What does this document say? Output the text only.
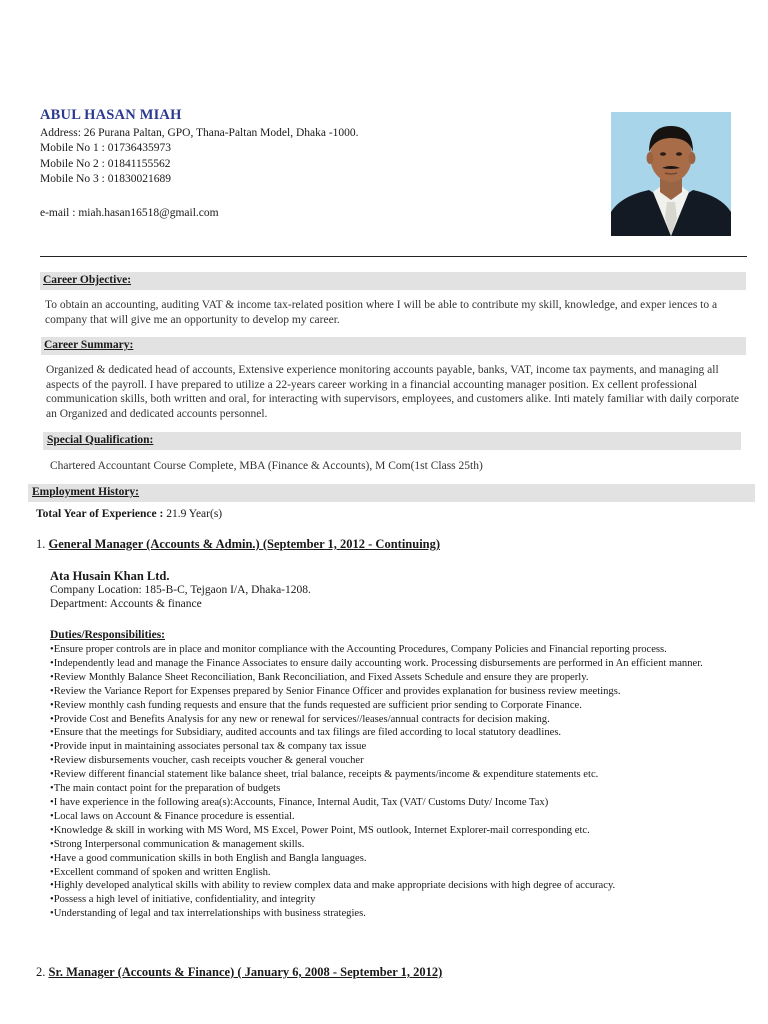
ABUL HASAN MIAH
Address: 26 Purana Paltan, GPO, Thana-Paltan Model, Dhaka -1000.
Mobile No 1 : 01736435973
Mobile No 2 : 01841155562
Mobile No 3 : 01830021689
e-mail : miah.hasan16518@gmail.com
Career Objective:
To obtain an accounting, auditing VAT & income tax-related position where I will be able to contribute my skill, knowledge, and exper iences to a company that will give me an opportunity to develop my career.
Career Summary:
Organized & dedicated head of accounts, Extensive experience monitoring accounts payable, banks, VAT, income tax payments, and managing all aspects of the payroll. I have prepared to utilize a 22-years career working in a financial accounting manager position. Ex cellent professional communication skills, both written and oral, for interacting with supervisors, employees, and customers alike. Inti mately familiar with daily corporate an Organized and dedicated accounts personnel.
Special Qualification:
Chartered Accountant Course Complete, MBA (Finance & Accounts), M Com(1st Class 25th)
Employment History:
Total Year of Experience : 21.9 Year(s)
1. General Manager (Accounts & Admin.) (September 1, 2012 - Continuing)
Ata Husain Khan Ltd.
Company Location: 185-B-C, Tejgaon I/A, Dhaka-1208.
Department: Accounts & finance
Duties/Responsibilities:
• Ensure proper controls are in place and monitor compliance with the Accounting Procedures, Company Policies and Financial reporting process.
• Independently lead and manage the Finance Associates to ensure daily accounting work. Processing disbursements are performed in An efficient manner.
• Review Monthly Balance Sheet Reconciliation, Bank Reconciliation, and Fixed Assets Schedule and ensure they are properly.
• Review the Variance Report for Expenses prepared by Senior Finance Officer and provides explanation for business review meetings.
• Review monthly cash funding requests and ensure that the funds requested are sufficient prior sending to Corporate Finance.
• Provide Cost and Benefits Analysis for any new or renewal for services//leases/annual contracts for decision making.
• Ensure that the meetings for Subsidiary, audited accounts and tax filings are filed according to local statutory deadlines.
• Provide input in maintaining associates personal tax & company tax issue
• Review disbursements voucher, cash receipts voucher & general voucher
• Review different financial statement like balance sheet, trial balance, receipts & payments/income & expenditure statements etc.
• The main contact point for the preparation of budgets
• I have experience in the following area(s):Accounts, Finance, Internal Audit, Tax (VAT/ Customs Duty/ Income Tax)
• Local laws on Account & Finance procedure is essential.
• Knowledge & skill in working with MS Word, MS Excel, Power Point, MS outlook, Internet Explorer-mail corresponding etc.
• Strong Interpersonal communication & management skills.
• Have a good communication skills in both English and Bangla languages.
• Excellent command of spoken and written English.
• Highly developed analytical skills with ability to review complex data and make appropriate decisions with high degree of accuracy.
• Possess a high level of initiative, confidentiality, and integrity
• Understanding of legal and tax interrelationships with business strategies.
2. Sr. Manager (Accounts & Finance) ( January 6, 2008 - September 1, 2012)
